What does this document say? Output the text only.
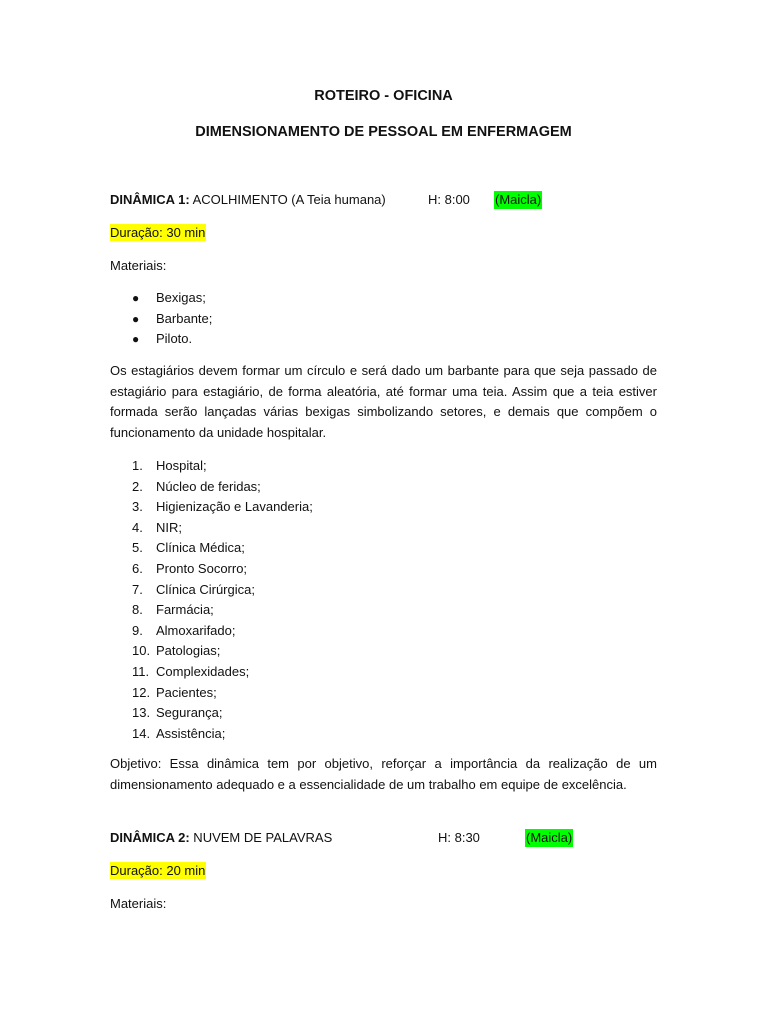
ROTEIRO - OFICINA

DIMENSIONAMENTO DE PESSOAL EM ENFERMAGEM

DINÂMICA 1: ACOLHIMENTO (A Teia humana)	H: 8:00 (Maicla)
Duração: 30 min
Materiais:
● Bexigas;
● Barbante;
● Piloto.

Os estagiários devem formar um círculo e será dado um barbante para que seja passado de estagiário para estagiário, de forma aleatória, até formar uma teia. Assim que a teia estiver formada serão lançadas várias bexigas simbolizando setores, e demais que compõem o funcionamento da unidade hospitalar.

1. Hospital;
2. Núcleo de feridas;
3. Higienização e Lavanderia;
4. NIR;
5. Clínica Médica;
6. Pronto Socorro;
7. Clínica Cirúrgica;
8. Farmácia;
9. Almoxarifado;
10. Patologias;
11. Complexidades;
12. Pacientes;
13. Segurança;
14. Assistência;

Objetivo: Essa dinâmica tem por objetivo, reforçar a importância da realização de um dimensionamento adequado e a essencialidade de um trabalho em equipe de excelência.

DINÂMICA 2: NUVEM DE PALAVRAS	H: 8:30	(Maicla)
Duração: 20 min
Materiais:
